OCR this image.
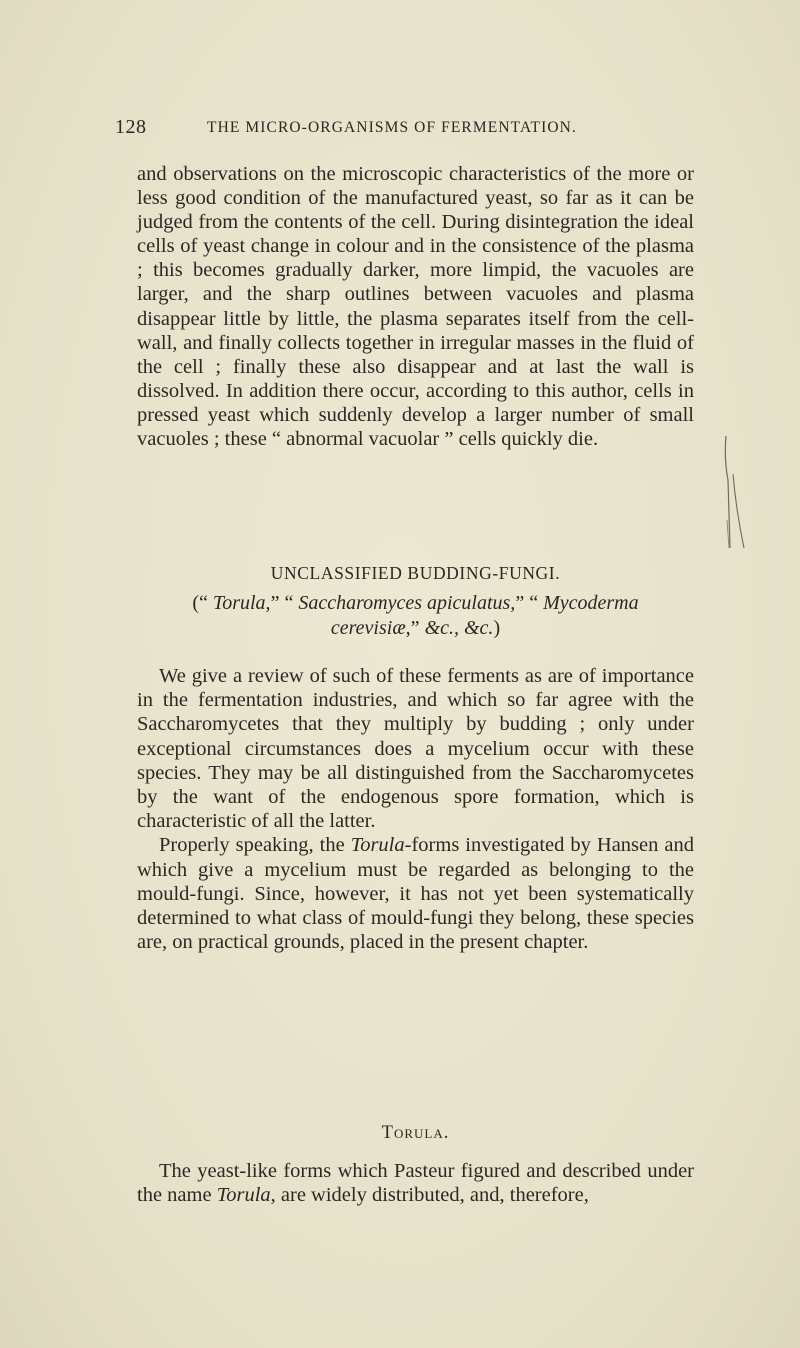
128	THE MICRO-ORGANISMS OF FERMENTATION.

and observations on the microscopic characteristics of the more or less good condition of the manufactured yeast, so far as it can be judged from the contents of the cell. During disintegration the ideal cells of yeast change in colour and in the consistence of the plasma ; this becomes gradually darker, more limpid, the vacuoles are larger, and the sharp outlines between vacuoles and plasma disappear little by little, the plasma separates itself from the cell-wall, and finally collects together in irregular masses in the fluid of the cell ; finally these also disappear and at last the wall is dissolved. In addition there occur, according to this author, cells in pressed yeast which suddenly develop a larger number of small vacuoles ; these “ abnormal vacuolar ” cells quickly die.

UNCLASSIFIED BUDDING-FUNGI.
(“ Torula,” “ Saccharomyces apiculatus,” “ Mycoderma
cerevisiæ,” &c., &c.)

We give a review of such of these ferments as are of importance in the fermentation industries, and which so far agree with the Saccharomycetes that they multiply by budding ; only under exceptional circumstances does a mycelium occur with these species. They may be all distinguished from the Saccharomycetes by the want of the endogenous spore formation, which is characteristic of all the latter.

Properly speaking, the Torula-forms investigated by Hansen and which give a mycelium must be regarded as belonging to the mould-fungi. Since, however, it has not yet been systematically determined to what class of mould-fungi they belong, these species are, on practical grounds, placed in the present chapter.

Torula.

The yeast-like forms which Pasteur figured and described under the name Torula, are widely distributed, and, therefore,
